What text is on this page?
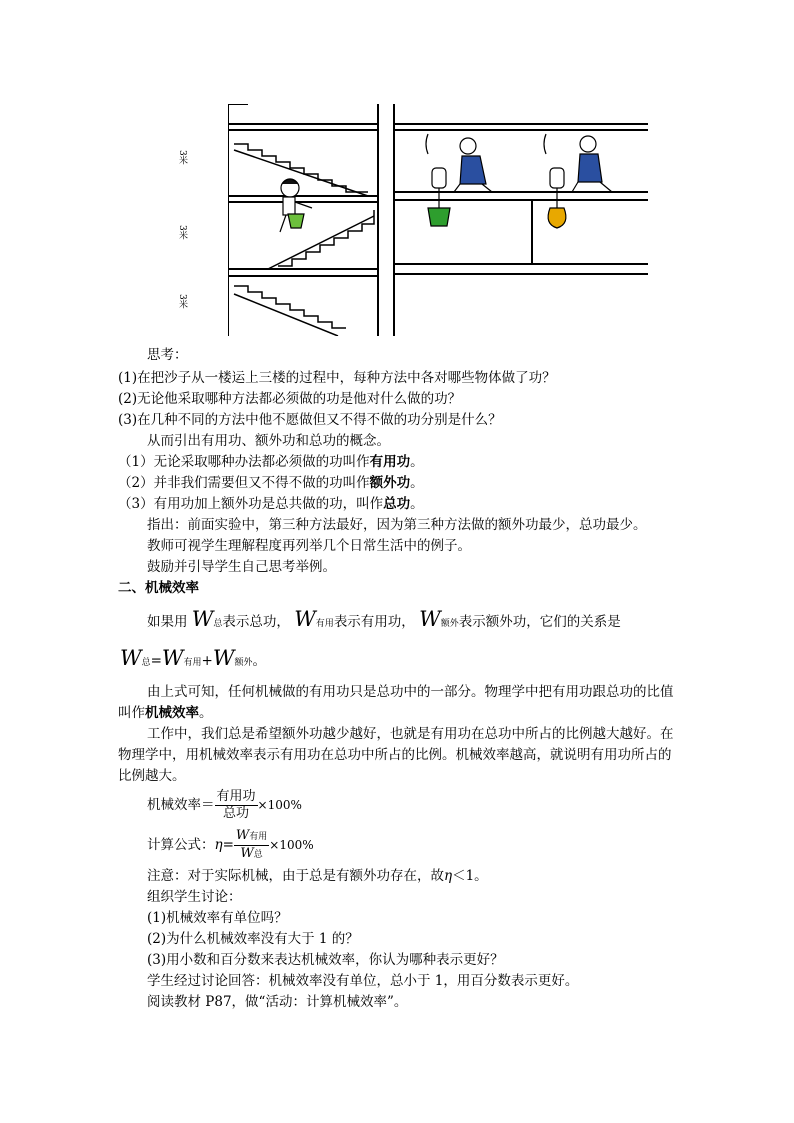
3米
3米
3米
思考：
(1)在把沙子从一楼运上三楼的过程中，每种方法中各对哪些物体做了功？
(2)无论他采取哪种方法都必须做的功是他对什么做的功？
(3)在几种不同的方法中他不愿做但又不得不做的功分别是什么？
从而引出有用功、额外功和总功的概念。
（1）无论采取哪种办法都必须做的功叫作有用功。
（2）并非我们需要但又不得不做的功叫作额外功。
（3）有用功加上额外功是总共做的功，叫作总功。
指出：前面实验中，第三种方法最好，因为第三种方法做的额外功最少，总功最少。
教师可视学生理解程度再列举几个日常生活中的例子。
鼓励并引导学生自己思考举例。
二、机械效率
如果用 W总表示总功， W有用表示有用功， W额外表示额外功，它们的关系是
W总=W有用+W额外。
由上式可知，任何机械做的有用功只是总功中的一部分。物理学中把有用功跟总功的比值
叫作机械效率。
工作中，我们总是希望额外功越少越好，也就是有用功在总功中所占的比例越大越好。在
物理学中，用机械效率表示有用功在总功中所占的比例。机械效率越高，就说明有用功所占的
比例越大。
机械效率＝ $\frac{\text{有用功}}{\text{总功}} \times 100\%$
计算公式：$\eta= \frac{\text{W有用}}{\text{W总}} \times 100\%$
注意：对于实际机械，由于总是有额外功存在，故η＜1。
组织学生讨论：
(1)机械效率有单位吗？
(2)为什么机械效率没有大于 1 的？
(3)用小数和百分数来表达机械效率，你认为哪种表示更好？
学生经过讨论回答：机械效率没有单位，总小于 1，用百分数表示更好。
阅读教材 P87，做“活动：计算机械效率”。
